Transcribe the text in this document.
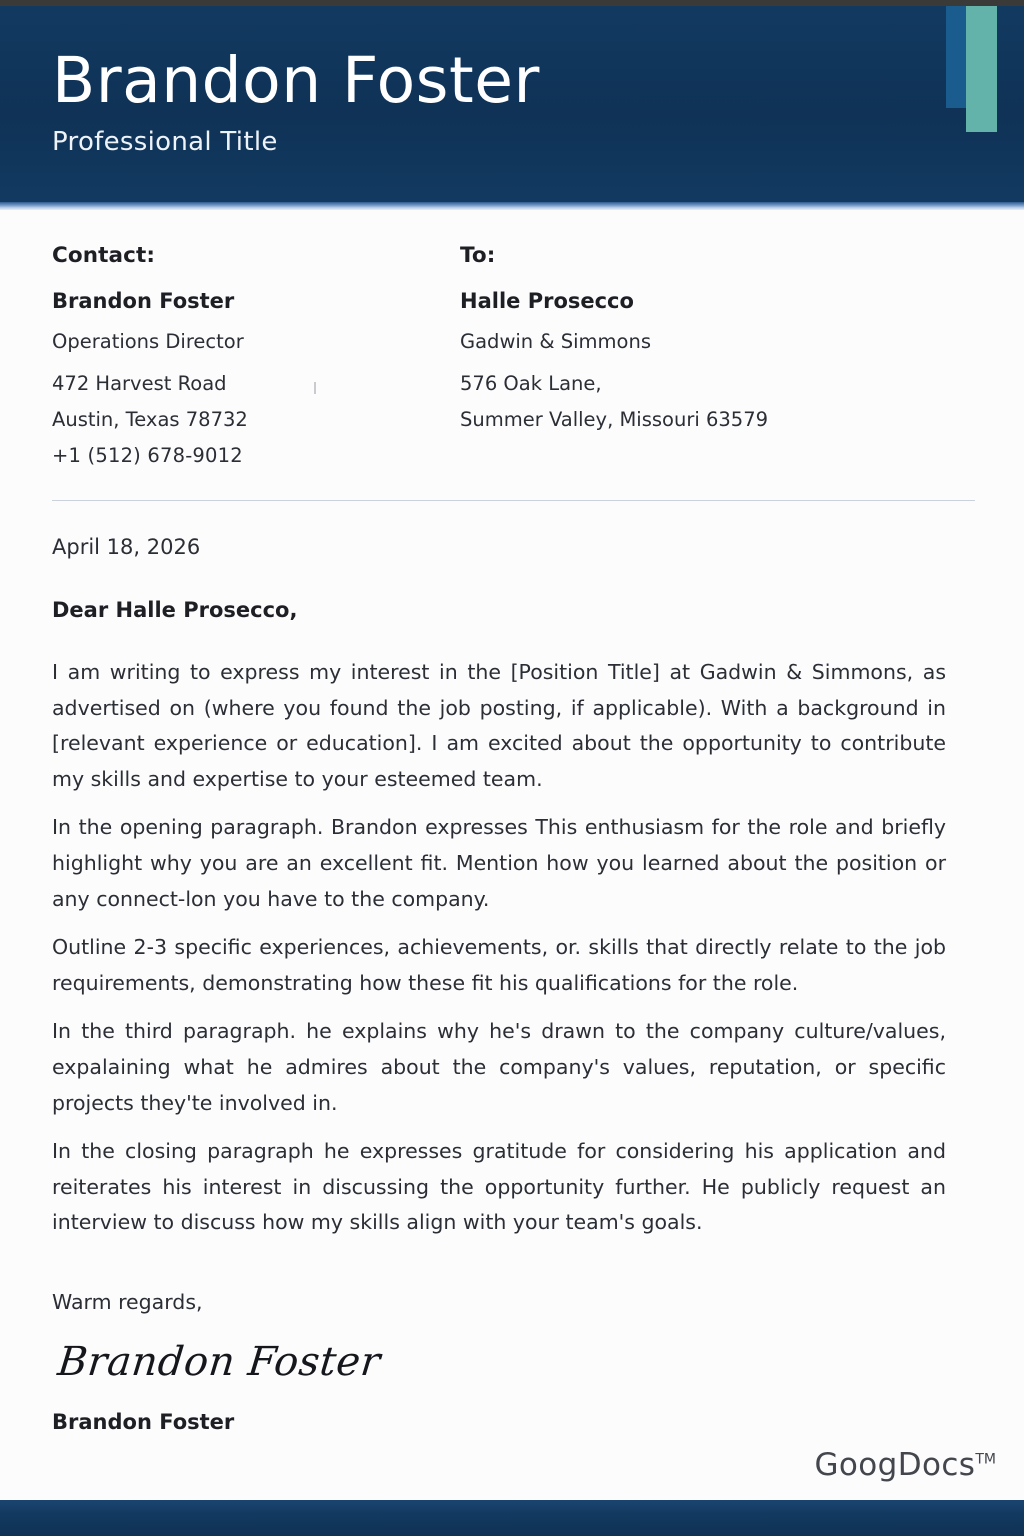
Brandon Foster
Professional Title
Contact:
Brandon Foster
Operations Director
472 Harvest Road
Austin, Texas 78732
+1 (512) 678-9012
To:
Halle Prosecco
Gadwin & Simmons
576 Oak Lane,
Summer Valley, Missouri 63579
April 18, 2026
Dear Halle Prosecco,

I am writing to express my interest in the [Position Title] at Gadwin & Simmons, as advertised on (where you found the job posting, if applicable). With a background in [relevant experience or education]. I am excited about the opportunity to contribute my skills and expertise to your esteemed team.

In the opening paragraph. Brandon expresses This enthusiasm for the role and briefly highlight why you are an excellent fit. Mention how you learned about the position or any connect-lon you have to the company.

Outline 2-3 specific experiences, achievements, or. skills that directly relate to the job requirements, demonstrating how these fit his qualifications for the role.

In the third paragraph. he explains why he's drawn to the company culture/values, expalaining what he admires about the company's values, reputation, or specific projects they'te involved in.

In the closing paragraph he expresses gratitude for considering his application and reiterates his interest in discussing the opportunity further. He publicly request an interview to discuss how my skills align with your team's goals.

Warm regards,
Brandon Foster
Brandon Foster
GoogDocs™
